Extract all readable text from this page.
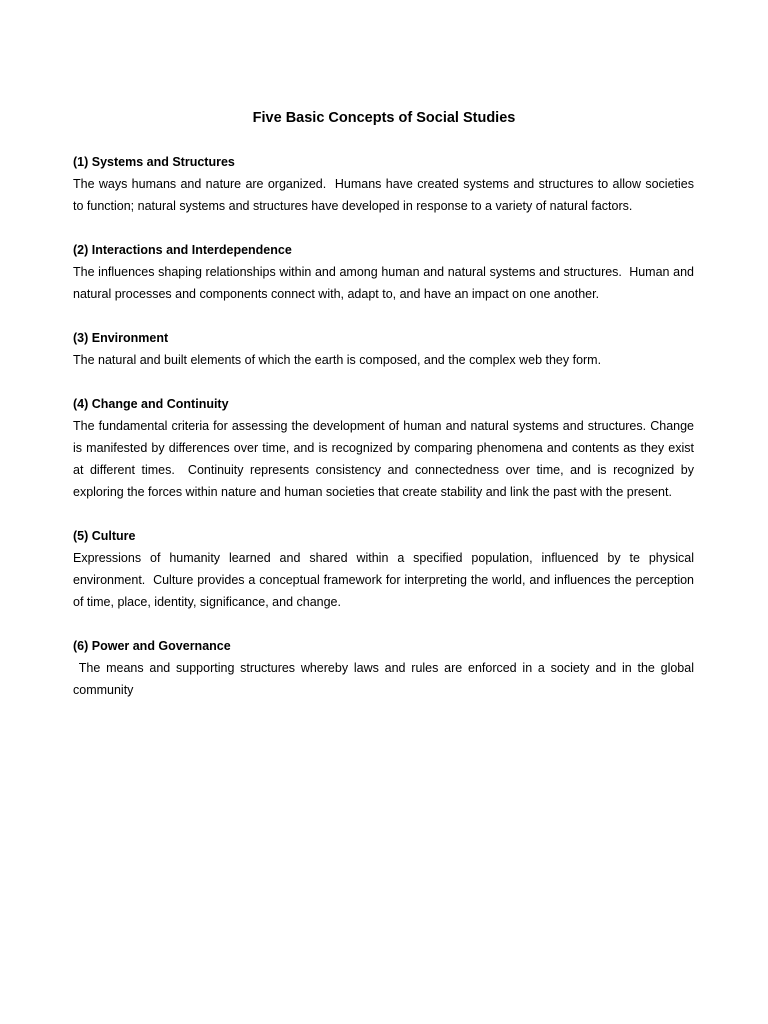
Five Basic Concepts of Social Studies

(1) Systems and Structures

The ways humans and nature are organized.  Humans have created systems and structures to allow societies to function; natural systems and structures have developed in response to a variety of natural factors.

(2) Interactions and Interdependence

The influences shaping relationships within and among human and natural systems and structures.  Human and natural processes and components connect with, adapt to, and have an impact on one another.

(3) Environment

The natural and built elements of which the earth is composed, and the complex web they form.

(4) Change and Continuity

The fundamental criteria for assessing the development of human and natural systems and structures. Change is manifested by differences over time, and is recognized by comparing phenomena and contents as they exist at different times.  Continuity represents consistency and connectedness over time, and is recognized by exploring the forces within nature and human societies that create stability and link the past with the present.

(5) Culture

Expressions of humanity learned and shared within a specified population, influenced by te physical environment.  Culture provides a conceptual framework for interpreting the world, and influences the perception of time, place, identity, significance, and change.

(6) Power and Governance

The means and supporting structures whereby laws and rules are enforced in a society and in the global community
